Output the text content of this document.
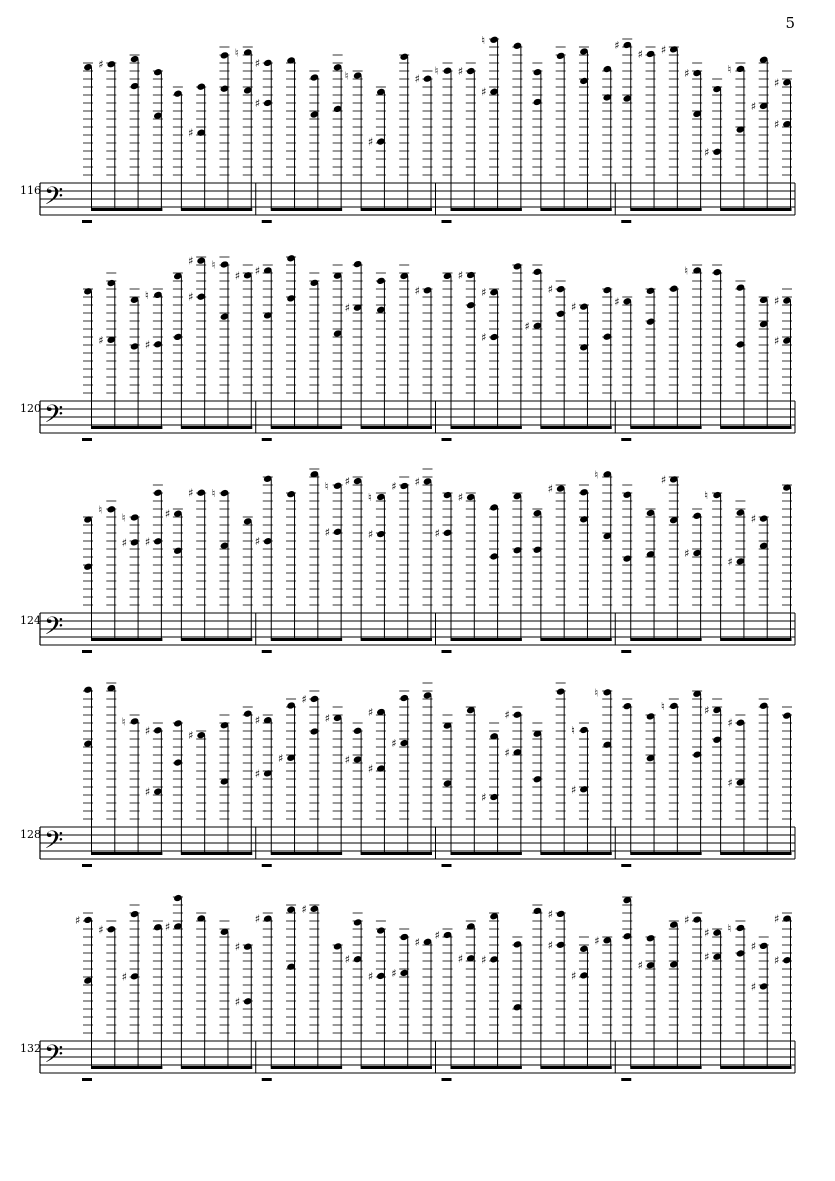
5
116
120
124
128
132
𝄢
♯
♯
♮
♯
♯
♮
♯
♯
♮ ♯
♯
♮	♯
♯ ♯
♯
♯
♮
♯
♯
♯
𝄢
♯	♯
♮	♯
♯ ♮
♯ ♯
♯
♯
♯
♯
♯
♯
♯
♯	♯
♮
♯
♯
𝄢
♮
♯
♮
♯
♯
♯ ♮
♯
♯
♮ ♯
♯
♮
♯ ♯
♯
♯
♯
♮	♯
♯
♮
♯
♯
𝄢
♮
♯
♯	♯
♯
♯
♯
♯
♯
♯
♯
♯
♯
♯
♯
♯
♯
♮
♮
♮	♯
♯
♯
𝄢
♯
♯
♯
♯
♯
♯
♯
♯
♯
♯ ♯
♯
♯
♯ ♯
♯
♯
♯
♯
♯
♯
♯
♯ ♮
♯
♯
♯
♯
